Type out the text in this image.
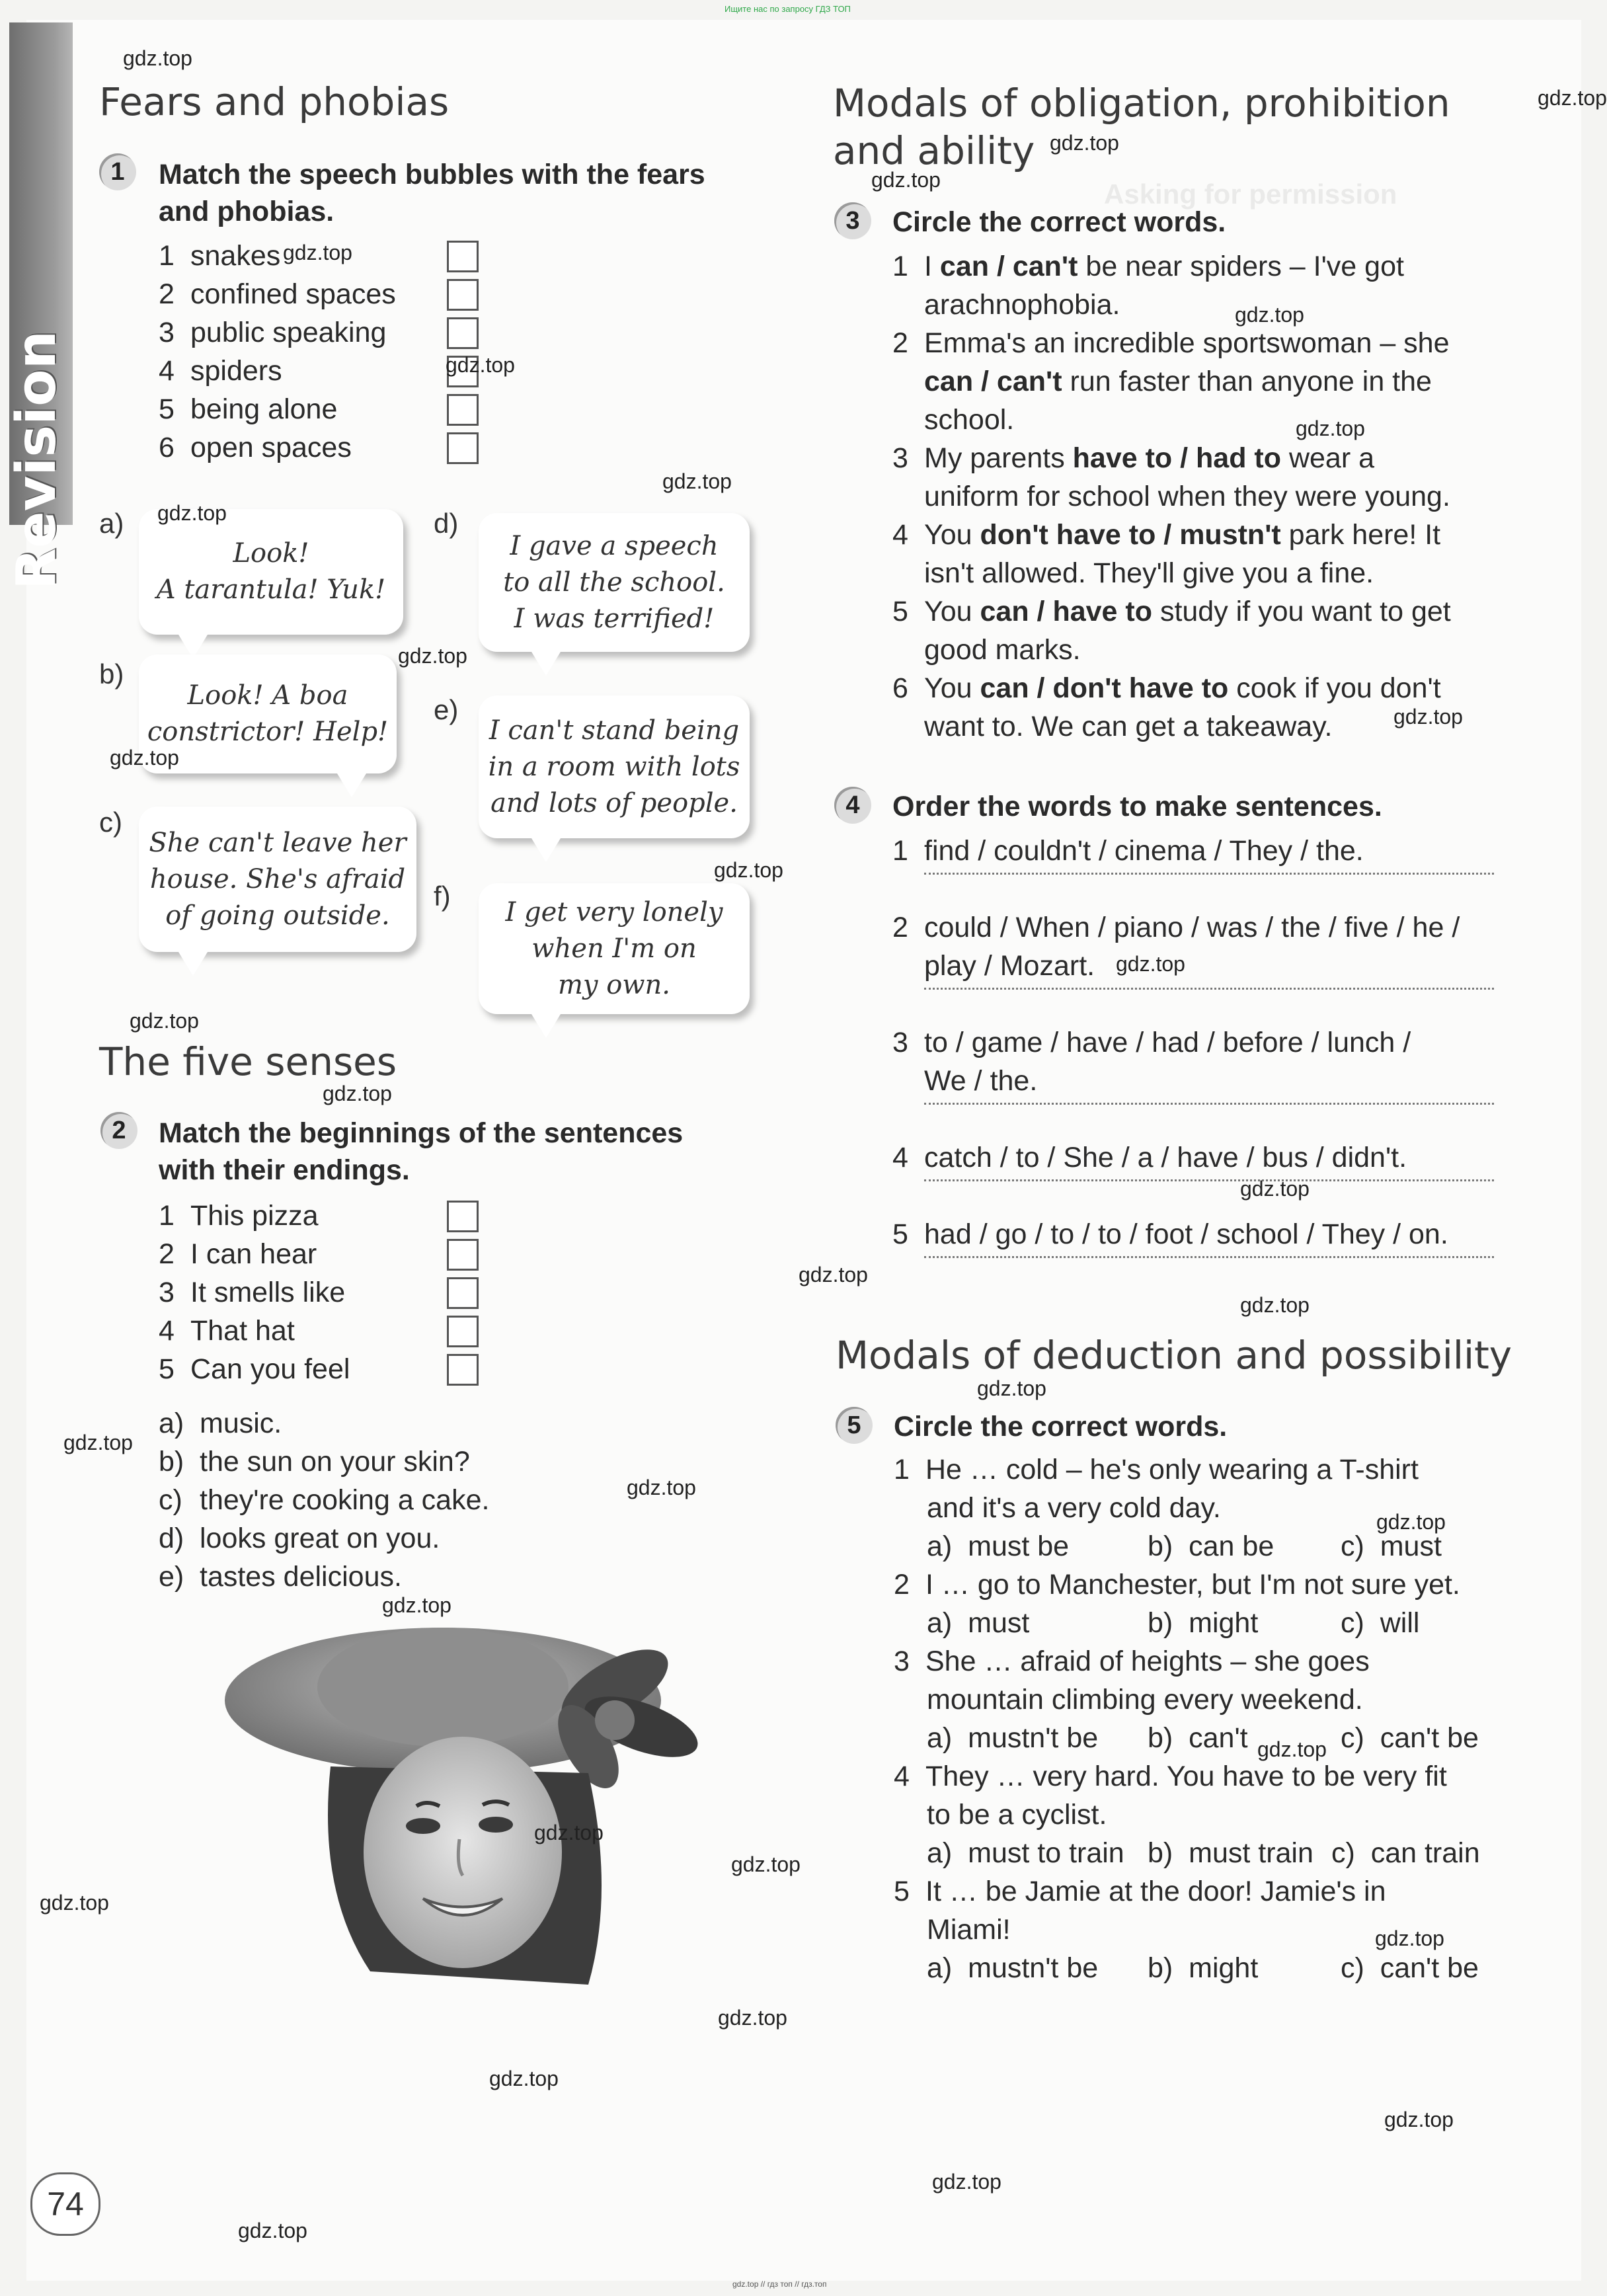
Ищите нас по запросу ГДЗ ТОП
Asking for permission
Revision
Fears and phobias
1	Match the speech bubbles with the fears
and phobias.
1 snakes
2 confined spaces
3 public speaking
4 spiders
5 being alone
6 open spaces
a)
Look!
A tarantula! Yuk!
b)
Look! A boa
constrictor! Help!
c)
She can't leave her
house. She's afraid
of going outside.
d)
I gave a speech
to all the school.
I was terrified!
e)
I can't stand being
in a room with lots
and lots of people.
f)
I get very lonely
when I'm on
my own.
The five senses
2	Match the beginnings of the sentences
with their endings.
1 This pizza
2 I can hear
3 It smells like
4 That hat
5 Can you feel
a) music.
b) the sun on your skin?
c) they're cooking a cake.
d) looks great on you.
e) tastes delicious.
Modals of obligation, prohibition
and ability
3	Circle the correct words.
1 I can / can't be near spiders – I've got
arachnophobia.
2 Emma's an incredible sportswoman – she
can / can't run faster than anyone in the
school.
3 My parents have to / had to wear a
uniform for school when they were young.
4 You don't have to / mustn't park here! It
isn't allowed. They'll give you a fine.
5 You can / have to study if you want to get
good marks.
6 You can / don't have to cook if you don't
want to. We can get a takeaway.
4	Order the words to make sentences.
1 find / couldn't / cinema / They / the.
2 could / When / piano / was / the / five / he /
play / Mozart.
3 to / game / have / had / before / lunch /
We / the.
4 catch / to / She / a / have / bus / didn't.
5 had / go / to / to / foot / school / They / on.
Modals of deduction and possibility
5	Circle the correct words.
1 He … cold – he's only wearing a T-shirt
and it's a very cold day.
a)  must be	b)  can be c)  must
2 I … go to Manchester, but I'm not sure yet.
a)  must	b)  might	c)  will
3 She … afraid of heights – she goes
mountain climbing every weekend.
a)  mustn't be b)  can't	c)  can't be
4 They … very hard. You have to be very fit
to be a cyclist.
a)  must to train b)  must train c)  can train
5 It … be Jamie at the door! Jamie's in
Miami!
a)  mustn't be b)  might	c)  can't be
74
gdz.top
gdz.top
gdz.top
gdz.top
gdz.top
gdz.top
gdz.top
gdz.top
gdz.top
gdz.top
gdz.top
gdz.top
gdz.top
gdz.top
gdz.top
gdz.top
gdz.top
gdz.top
gdz.top
gdz.top
gdz.top
gdz.top
gdz.top
gdz.top
gdz.top
gdz.top
gdz.top
gdz.top
gdz.top
gdz.top
gdz.top
gdz.top
gdz.top
gdz.top
gdz.top
gdz.top // гдз топ // гдз.топ
